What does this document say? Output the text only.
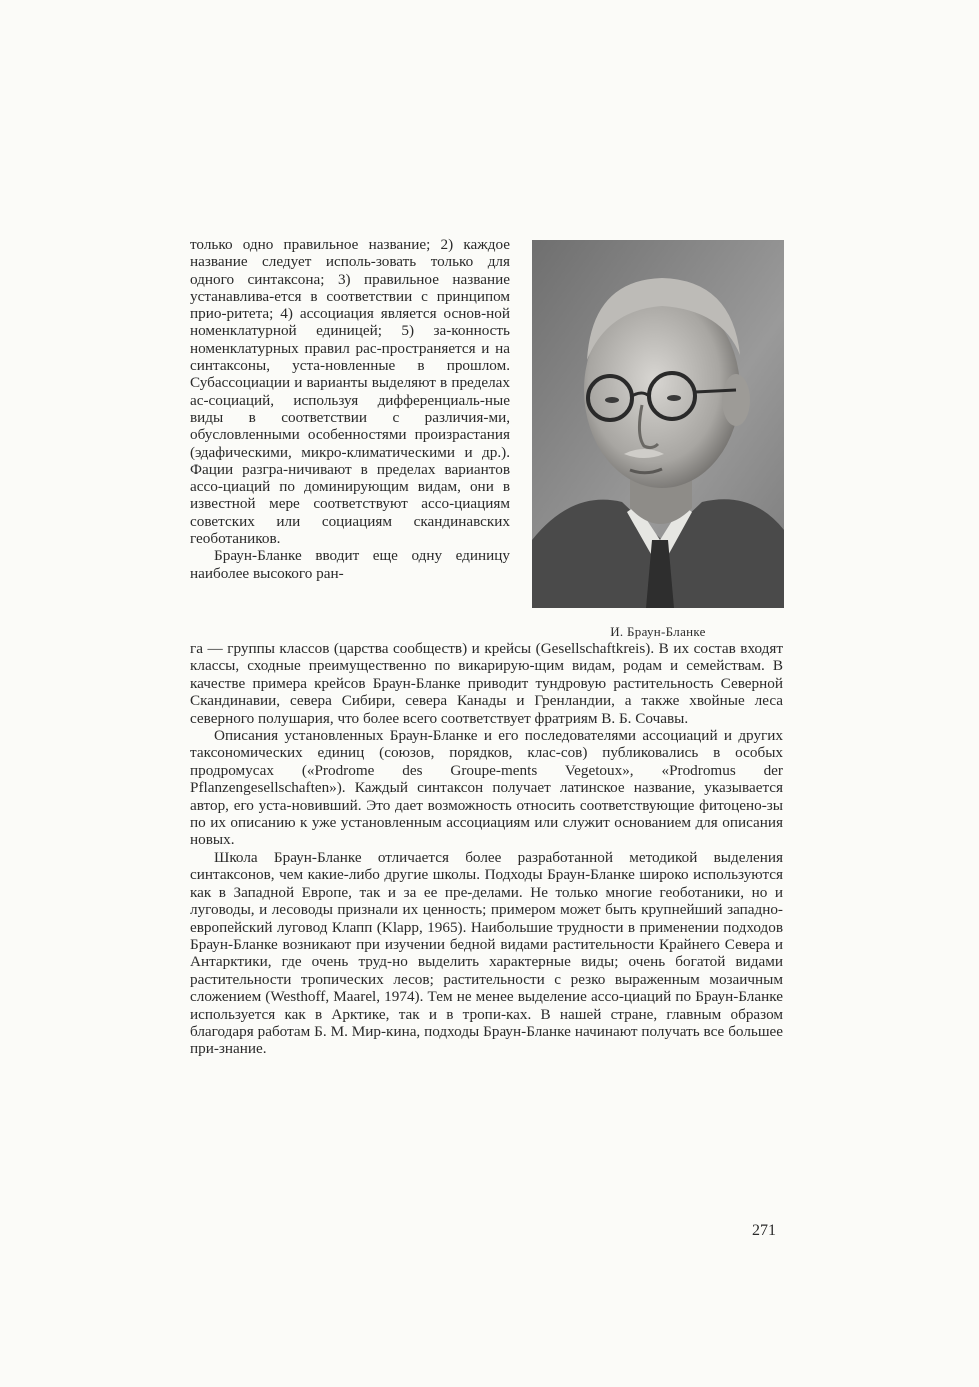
только одно правильное название; 2) каждое название следует исполь-зовать только для одного синтаксона; 3) правильное название устанавлива-ется в соответствии с принципом прио-ритета; 4) ассоциация является основ-ной номенклатурной единицей; 5) за-конность номенклатурных правил рас-пространяется и на синтаксоны, уста-новленные в прошлом. Субассоциации и варианты выделяют в пределах ас-социаций, используя дифференциаль-ные виды в соответствии с различия-ми, обусловленными особенностями произрастания (эдафическими, микро-климатическими и др.). Фации разгра-ничивают в пределах вариантов ассо-циаций по доминирующим видам, они в известной мере соответствуют ассо-циациям советских или социациям скандинавских геоботаников.

Браун-Бланке вводит еще одну единицу наиболее высокого ран-

И. Браун-Бланке

га — группы классов (царства сообществ) и крейсы (Gesellschaftkreis). В их состав входят классы, сходные преимущественно по викарирую-щим видам, родам и семействам. В качестве примера крейсов Браун-Бланке приводит тундровую растительность Северной Скандинавии, севера Сибири, севера Канады и Гренландии, а также хвойные леса северного полушария, что более всего соответствует фратриям В. Б. Сочавы.

Описания установленных Браун-Бланке и его последователями ассоциаций и других таксономических единиц (союзов, порядков, клас-сов) публиковались в особых продромусах («Prodrome des Groupe-ments Vegetoux», «Prodromus der Pflanzengesellschaften»). Каждый синтаксон получает латинское название, указывается автор, его уста-новивший. Это дает возможность относить соответствующие фитоцено-зы по их описанию к уже установленным ассоциациям или служит основанием для описания новых.

Школа Браун-Бланке отличается более разработанной методикой выделения синтаксонов, чем какие-либо другие школы. Подходы Браун-Бланке широко используются как в Западной Европе, так и за ее пре-делами. Не только многие геоботаники, но и луговоды, и лесоводы признали их ценность; примером может быть крупнейший западно-европейский луговод Клапп (Klapp, 1965). Наибольшие трудности в применении подходов Браун-Бланке возникают при изучении бедной видами растительности Крайнего Севера и Антарктики, где очень труд-но выделить характерные виды; очень богатой видами растительности тропических лесов; растительности с резко выраженным мозаичным сложением (Westhoff, Maarel, 1974). Тем не менее выделение ассо-циаций по Браун-Бланке используется как в Арктике, так и в тропи-ках. В нашей стране, главным образом благодаря работам Б. М. Мир-кина, подходы Браун-Бланке начинают получать все большее при-знание.

271
